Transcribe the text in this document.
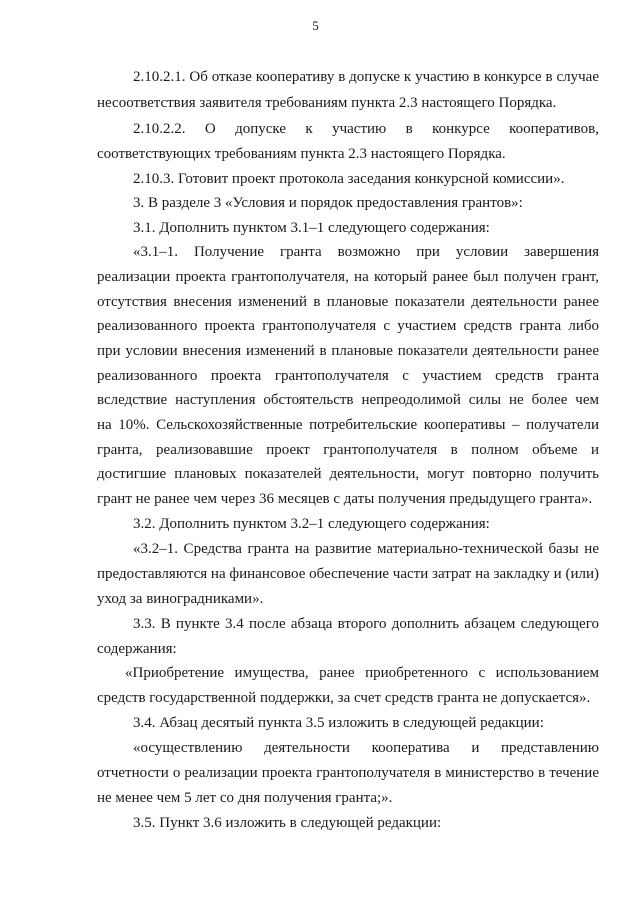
5
2.10.2.1. Об отказе кооперативу в допуске к участию в конкурсе в случае
несоответствия заявителя требованиям пункта 2.3 настоящего Порядка.
2.10.2.2. О допуске к участию в конкурсе кооперативов,
соответствующих требованиям пункта 2.3 настоящего Порядка.
2.10.3. Готовит проект протокола заседания конкурсной комиссии».
3. В разделе 3 «Условия и порядок предоставления грантов»:
3.1. Дополнить пунктом 3.1–1 следующего содержания:
«3.1–1. Получение гранта возможно при условии завершения
реализации проекта грантополучателя, на который ранее был получен грант,
отсутствия внесения изменений в плановые показатели деятельности ранее
реализованного проекта грантополучателя с участием средств гранта либо
при условии внесения изменений в плановые показатели деятельности ранее
реализованного проекта грантополучателя с участием средств гранта
вследствие наступления обстоятельств непреодолимой силы не более чем
на 10%. Сельскохозяйственные потребительские кооперативы – получатели
гранта, реализовавшие проект грантополучателя в полном объеме и
достигшие плановых показателей деятельности, могут повторно получить
грант не ранее чем через 36 месяцев с даты получения предыдущего гранта».
3.2. Дополнить пунктом 3.2–1 следующего содержания:
«3.2–1. Средства гранта на развитие материально-технической базы не
предоставляются на финансовое обеспечение части затрат на закладку и (или)
уход за виноградниками».
3.3. В пункте 3.4 после абзаца второго дополнить абзацем следующего
содержания:
«Приобретение имущества, ранее приобретенного с использованием
средств государственной поддержки, за счет средств гранта не допускается».
3.4. Абзац десятый пункта 3.5 изложить в следующей редакции:
«осуществлению деятельности кооператива и представлению
отчетности о реализации проекта грантополучателя в министерство в течение
не менее чем 5 лет со дня получения гранта;».
3.5. Пункт 3.6 изложить в следующей редакции:
